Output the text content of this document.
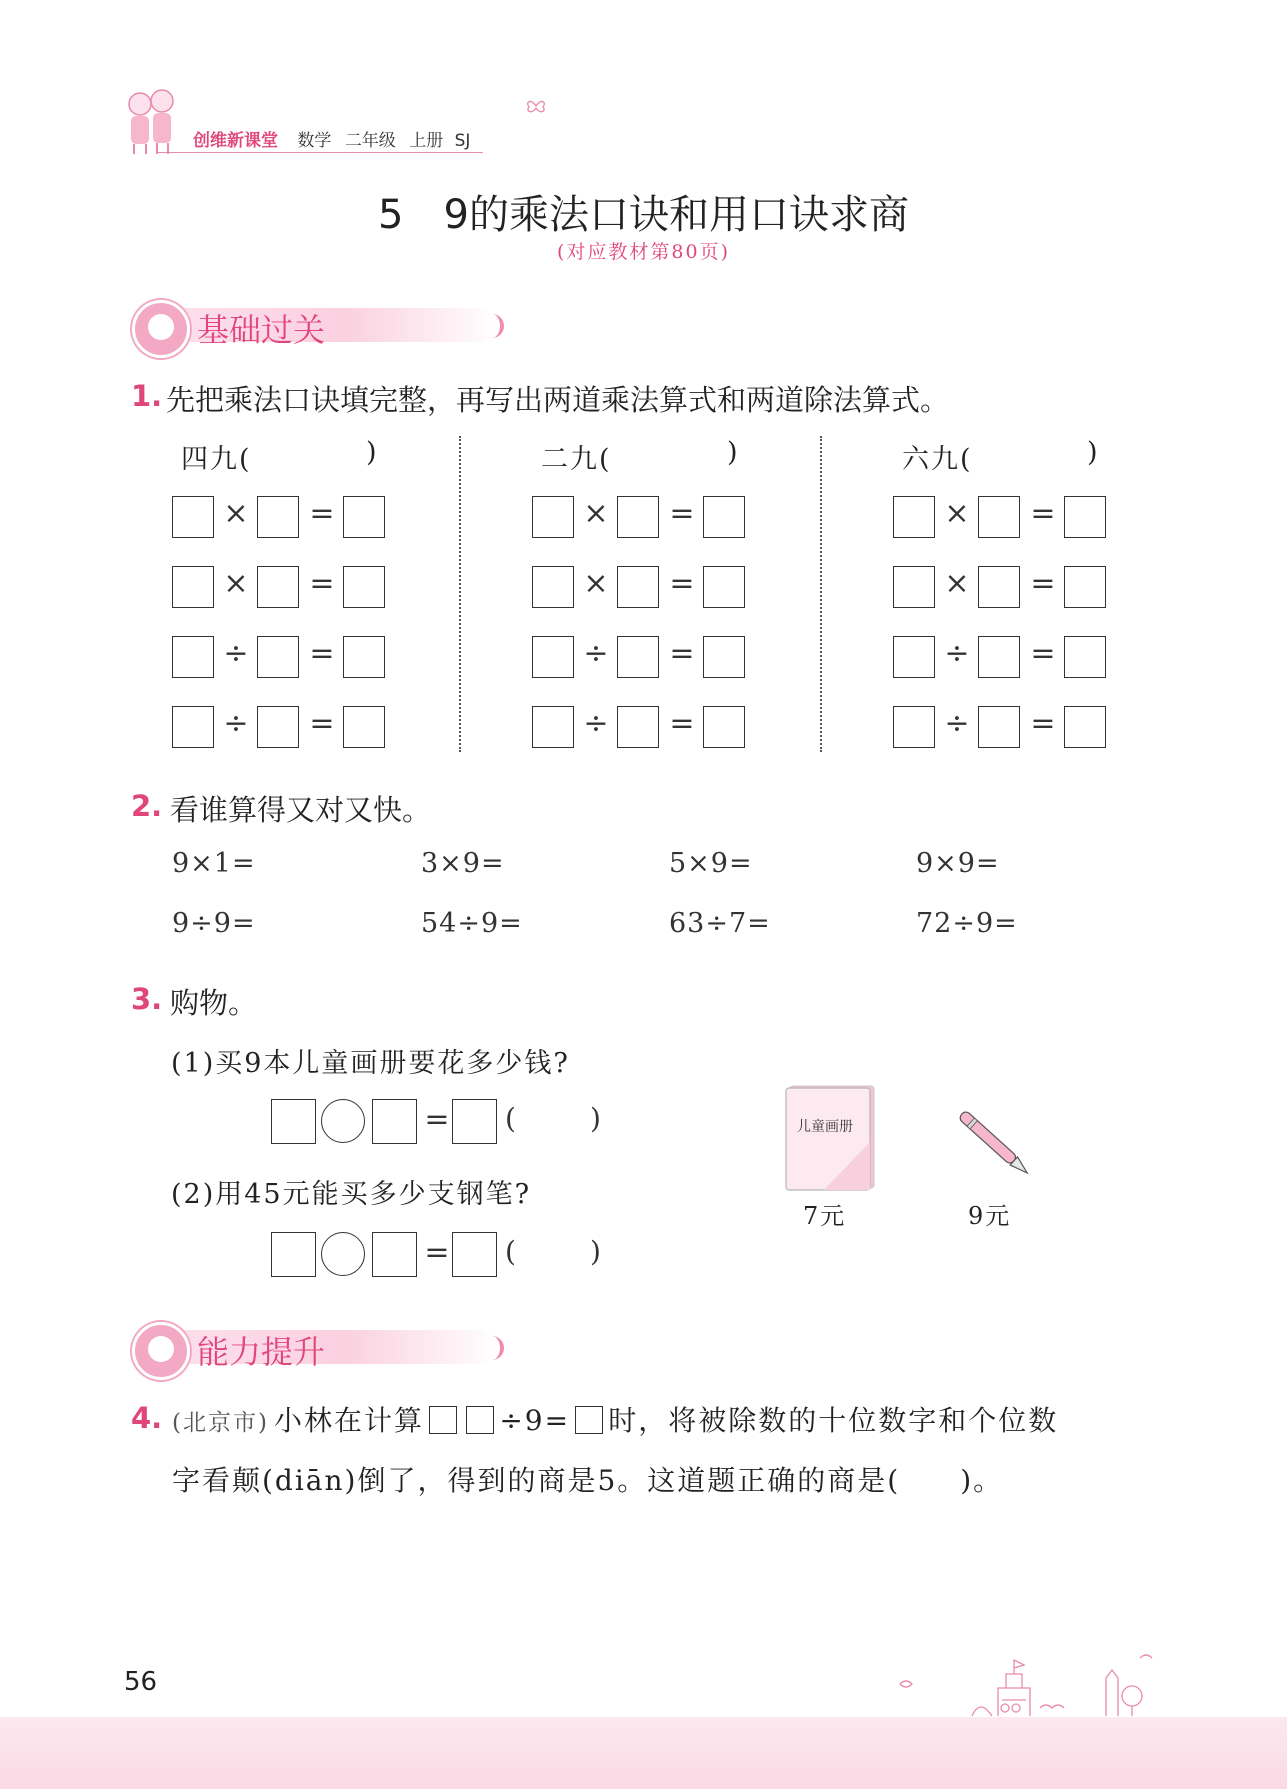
创维新课堂 数学 二年级 上册 SJ
5　9的乘法口诀和用口诀求商
(对应教材第80页)
基础过关
1. 先把乘法口诀填完整，再写出两道乘法算式和两道除法算式。
四九(	)
× =
× =
÷ =
÷ =
二九(	)
× =
× =
÷ =
÷ =
六九(	)
× =
× =
÷ =
÷ =
2. 看谁算得又对又快。
9×1=	3×9=	5×9=	9×9=
9÷9=	54÷9=	63÷7=	72÷9=
3. 购物。
(1)买9本儿童画册要花多少钱?
= (	)
(2)用45元能买多少支钢笔?
= (	)
儿童画册
7元	9元
能力提升
4. (北京市) 小林在计算	÷9= 时，将被除数的十位数字和个位数
字看颠(diān)倒了，得到的商是5。这道题正确的商是(　　)。
56
